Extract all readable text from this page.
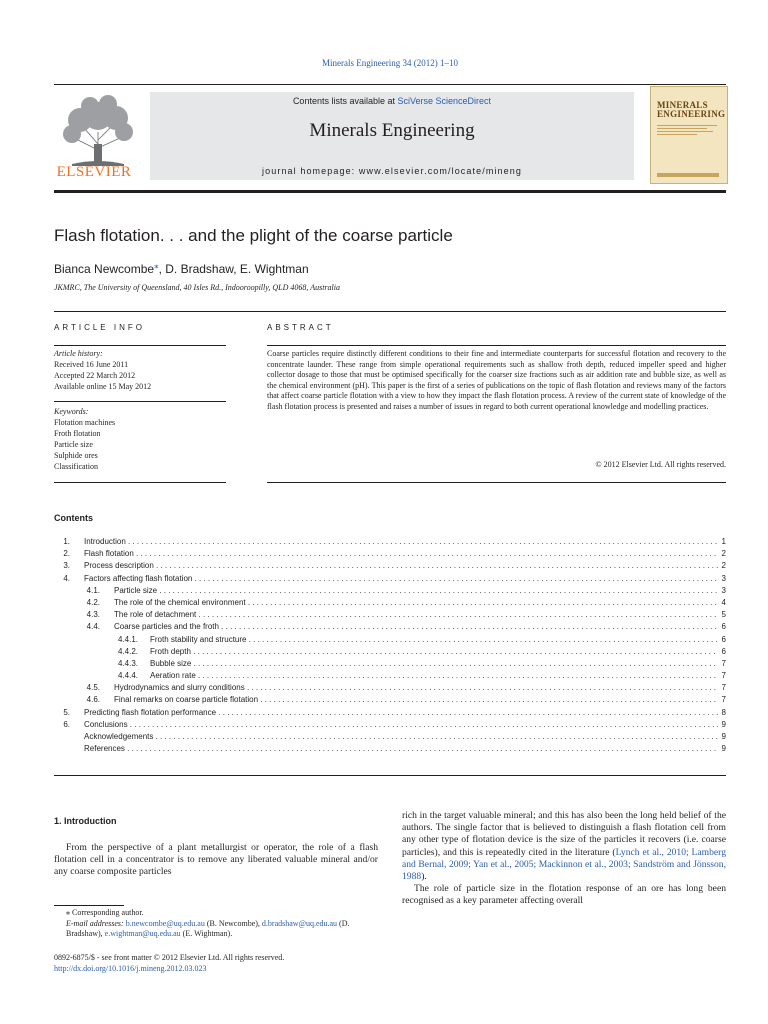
Minerals Engineering 34 (2012) 1–10
ELSEVIER
Contents lists available at SciVerse ScienceDirect
Minerals Engineering
journal homepage: www.elsevier.com/locate/mineng
MINERALS
ENGINEERING
Flash flotation. . . and the plight of the coarse particle
Bianca Newcombe⁎, D. Bradshaw, E. Wightman
JKMRC, The University of Queensland, 40 Isles Rd., Indooroopilly, QLD 4068, Australia
ARTICLE INFO
Article history:
Received 16 June 2011
Accepted 22 March 2012
Available online 15 May 2012
Keywords:
Flotation machines
Froth flotation
Particle size
Sulphide ores
Classification
ABSTRACT
Coarse particles require distinctly different conditions to their fine and intermediate counterparts for successful flotation and recovery to the concentrate launder. These range from simple operational requirements such as shallow froth depth, reduced impeller speed and higher collector dosage to those that must be optimised specifically for the coarser size fractions such as air addition rate and bubble size, as well as the chemical environment (pH). This paper is the first of a series of publications on the topic of flash flotation and reviews many of the factors that affect coarse particle flotation with a view to how they impact the flash flotation process. A review of the current state of knowledge of the flash flotation process is presented and raises a number of issues in regard to both current operational knowledge and modelling practices.
© 2012 Elsevier Ltd. All rights reserved.
Contents
1. Introduction . . .	1
2. Flash flotation . . .	2
3. Process description . . .	2
4. Factors affecting flash flotation . . .	3
4.1. Particle size . . .	3
4.2. The role of the chemical environment . . .	4
4.3. The role of detachment . . .	5
4.4. Coarse particles and the froth . . .	6
4.4.1. Froth stability and structure . . .	6
4.4.2. Froth depth . . .	6
4.4.3. Bubble size . . .	7
4.4.4. Aeration rate . . .	7
4.5. Hydrodynamics and slurry conditions . . .	7
4.6. Final remarks on coarse particle flotation . . .	7
5. Predicting flash flotation performance . . .	8
6. Conclusions . . .	9
Acknowledgements . . .	9
References . . .	9
1. Introduction

From the perspective of a plant metallurgist or operator, the role of a flash flotation cell in a concentrator is to remove any liberated valuable mineral and/or any coarse composite particles

rich in the target valuable mineral; and this has also been the long held belief of the authors. The single factor that is believed to distinguish a flash flotation cell from any other type of flotation device is the size of the particles it recovers (i.e. coarse particles), and this is repeatedly cited in the literature (Lynch et al., 2010; Lamberg and Bernal, 2009; Yan et al., 2005; Mackinnon et al., 2003; Sandström and Jönsson, 1988).

The role of particle size in the flotation response of an ore has long been recognised as a key parameter affecting overall

⁎ Corresponding author.
E-mail addresses: b.newcombe@uq.edu.au (B. Newcombe), d.bradshaw@uq.edu.au (D. Bradshaw), e.wightman@uq.edu.au (E. Wightman).
0892-6875/$ - see front matter © 2012 Elsevier Ltd. All rights reserved.
http://dx.doi.org/10.1016/j.mineng.2012.03.023
